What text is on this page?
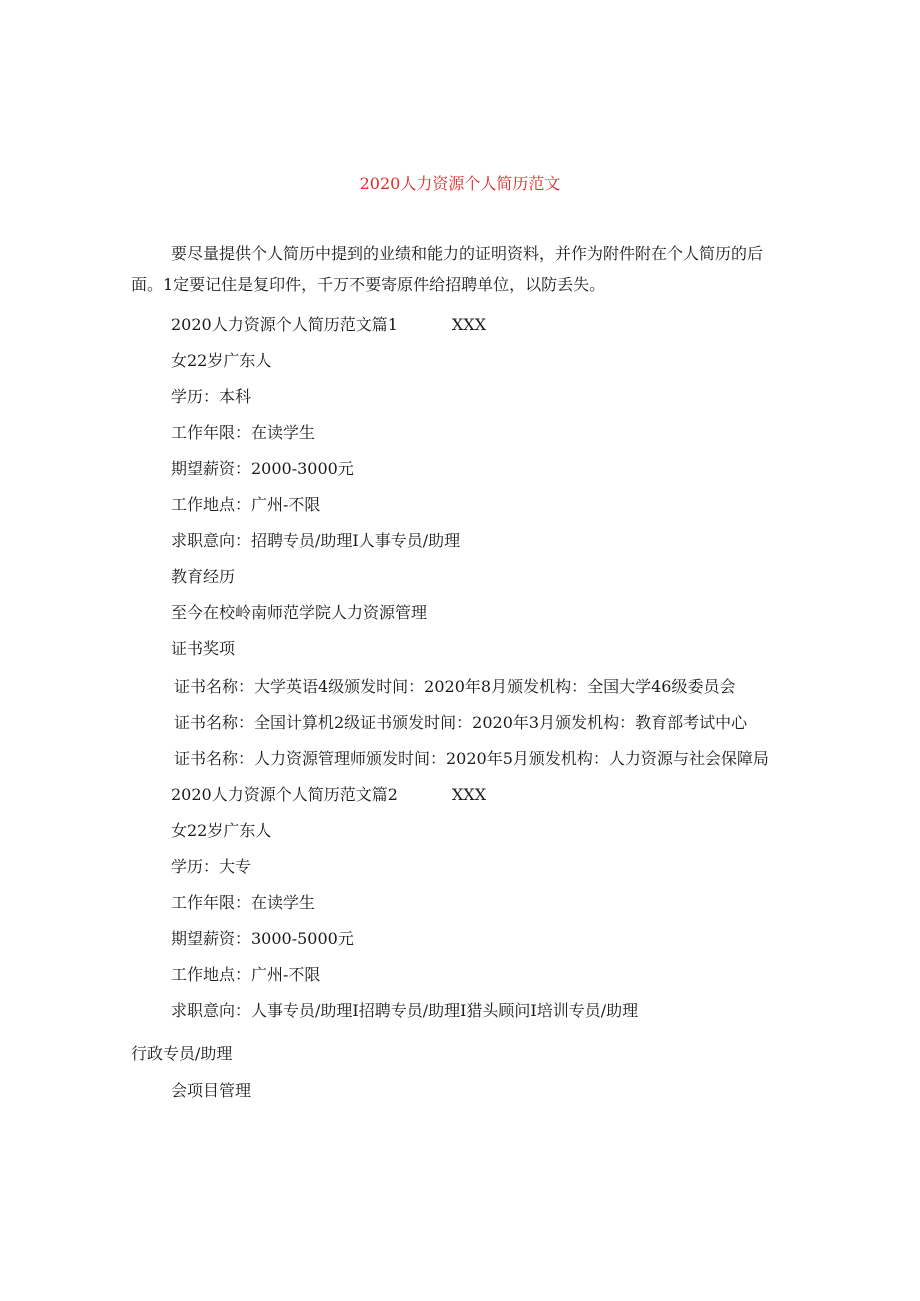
2020人力资源个人简历范文
要尽量提供个人简历中提到的业绩和能力的证明资料，并作为附件附在个人简历的后面。1定要记住是复印件，千万不要寄原件给招聘单位，以防丢失。
2020人力资源个人简历范文篇1	XXX
女22岁广东人
学历：本科
工作年限：在读学生
期望薪资：2000-3000元
工作地点：广州-不限
求职意向：招聘专员/助理I人事专员/助理
教育经历
至今在校岭南师范学院人力资源管理
证书奖项
证书名称：大学英语4级颁发时间：2020年8月颁发机构：全国大学46级委员会
证书名称：全国计算机2级证书颁发时间：2020年3月颁发机构：教育部考试中心
证书名称：人力资源管理师颁发时间：2020年5月颁发机构：人力资源与社会保障局
2020人力资源个人简历范文篇2	XXX
女22岁广东人
学历：大专
工作年限：在读学生
期望薪资：3000-5000元
工作地点：广州-不限
求职意向：人事专员/助理I招聘专员/助理I猎头顾问I培训专员/助理
行政专员/助理
会项目管理
